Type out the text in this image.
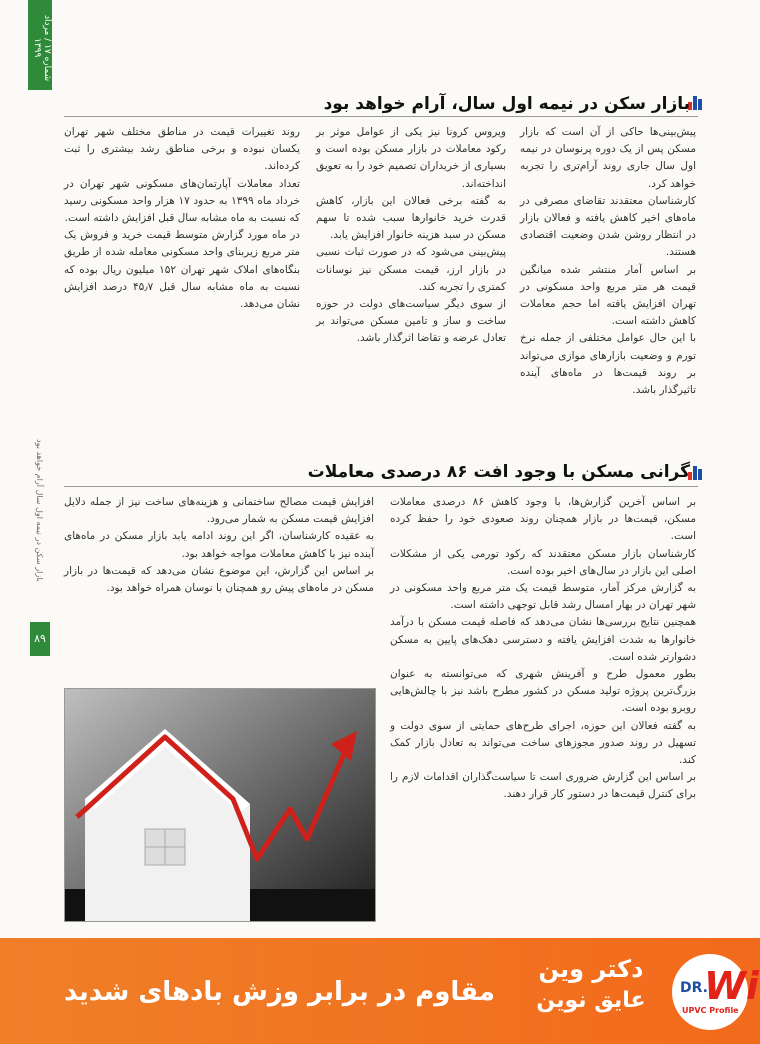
شماره ۱۷ / مرداد ۱۳۹۹
بازار سکن در نیمه اول سال آرام خواهد بود
۸۹
بازار سکن در نیمه اول سال، آرام خواهد بود

پیش‌بینی‌ها حاکی از آن است که بازار مسکن پس از یک دوره پرنوسان در نیمه اول سال جاری روند آرام‌تری را تجربه خواهد کرد.

کارشناسان معتقدند تقاضای مصرفی در ماه‌های اخیر کاهش یافته و فعالان بازار در انتظار روشن شدن وضعیت اقتصادی هستند.

بر اساس آمار منتشر شده میانگین قیمت هر متر مربع واحد مسکونی در تهران افزایش یافته اما حجم معاملات کاهش داشته است.

با این حال عوامل مختلفی از جمله نرخ تورم و وضعیت بازارهای موازی می‌تواند بر روند قیمت‌ها در ماه‌های آینده تاثیرگذار باشد.

ویروس کرونا نیز یکی از عوامل موثر بر رکود معاملات در بازار مسکن بوده است و بسیاری از خریداران تصمیم خود را به تعویق انداخته‌اند.

به گفته برخی فعالان این بازار، کاهش قدرت خرید خانوارها سبب شده تا سهم مسکن در سبد هزینه خانوار افزایش یابد.

پیش‌بینی می‌شود که در صورت ثبات نسبی در بازار ارز، قیمت مسکن نیز نوسانات کمتری را تجربه کند.

از سوی دیگر سیاست‌های دولت در حوزه ساخت و ساز و تامین مسکن می‌تواند بر تعادل عرضه و تقاضا اثرگذار باشد.

روند تغییرات قیمت در مناطق مختلف شهر تهران یکسان نبوده و برخی مناطق رشد بیشتری را ثبت کرده‌اند.

تعداد معاملات آپارتمان‌های مسکونی شهر تهران در خرداد ماه ۱۳۹۹ به حدود ۱۷ هزار واحد مسکونی رسید که نسبت به ماه مشابه سال قبل افزایش داشته است.

در ماه مورد گزارش متوسط قیمت خرید و فروش یک متر مربع زیربنای واحد مسکونی معامله شده از طریق بنگاه‌های املاک شهر تهران ۱۵۲ میلیون ریال بوده که نسبت به ماه مشابه سال قبل ۴۵٫۷ درصد افزایش نشان می‌دهد.

گرانی مسکن با وجود افت ۸۶ درصدی معاملات

بر اساس آخرین گزارش‌ها، با وجود کاهش ۸۶ درصدی معاملات مسکن، قیمت‌ها در بازار همچنان روند صعودی خود را حفظ کرده است.

کارشناسان بازار مسکن معتقدند که رکود تورمی یکی از مشکلات اصلی این بازار در سال‌های اخیر بوده است.

به گزارش مرکز آمار، متوسط قیمت یک متر مربع واحد مسکونی در شهر تهران در بهار امسال رشد قابل توجهی داشته است.

همچنین نتایج بررسی‌ها نشان می‌دهد که فاصله قیمت مسکن با درآمد خانوارها به شدت افزایش یافته و دسترسی دهک‌های پایین به مسکن دشوارتر شده است.

بطور معمول طرح و آفرینش شهری که می‌توانسته به عنوان بزرگ‌ترین پروژه تولید مسکن در کشور مطرح باشد نیز با چالش‌هایی روبرو بوده است.

به گفته فعالان این حوزه، اجرای طرح‌های حمایتی از سوی دولت و تسهیل در روند صدور مجوزهای ساخت می‌تواند به تعادل بازار کمک کند.

بر اساس این گزارش ضروری است تا سیاست‌گذاران اقدامات لازم را برای کنترل قیمت‌ها در دستور کار قرار دهند.

افزایش قیمت مصالح ساختمانی و هزینه‌های ساخت نیز از جمله دلایل افزایش قیمت مسکن به شمار می‌رود.

به عقیده کارشناسان، اگر این روند ادامه یابد بازار مسکن در ماه‌های آینده نیز با کاهش معاملات مواجه خواهد بود.

بر اساس این گزارش، این موضوع نشان می‌دهد که قیمت‌ها در بازار مسکن در ماه‌های پیش رو همچنان با نوسان همراه خواهد بود.

مقاوم در برابر وزش بادهای شدید
دکتر وین
عایق نوین	DR.
Wi
UPVC Profile
